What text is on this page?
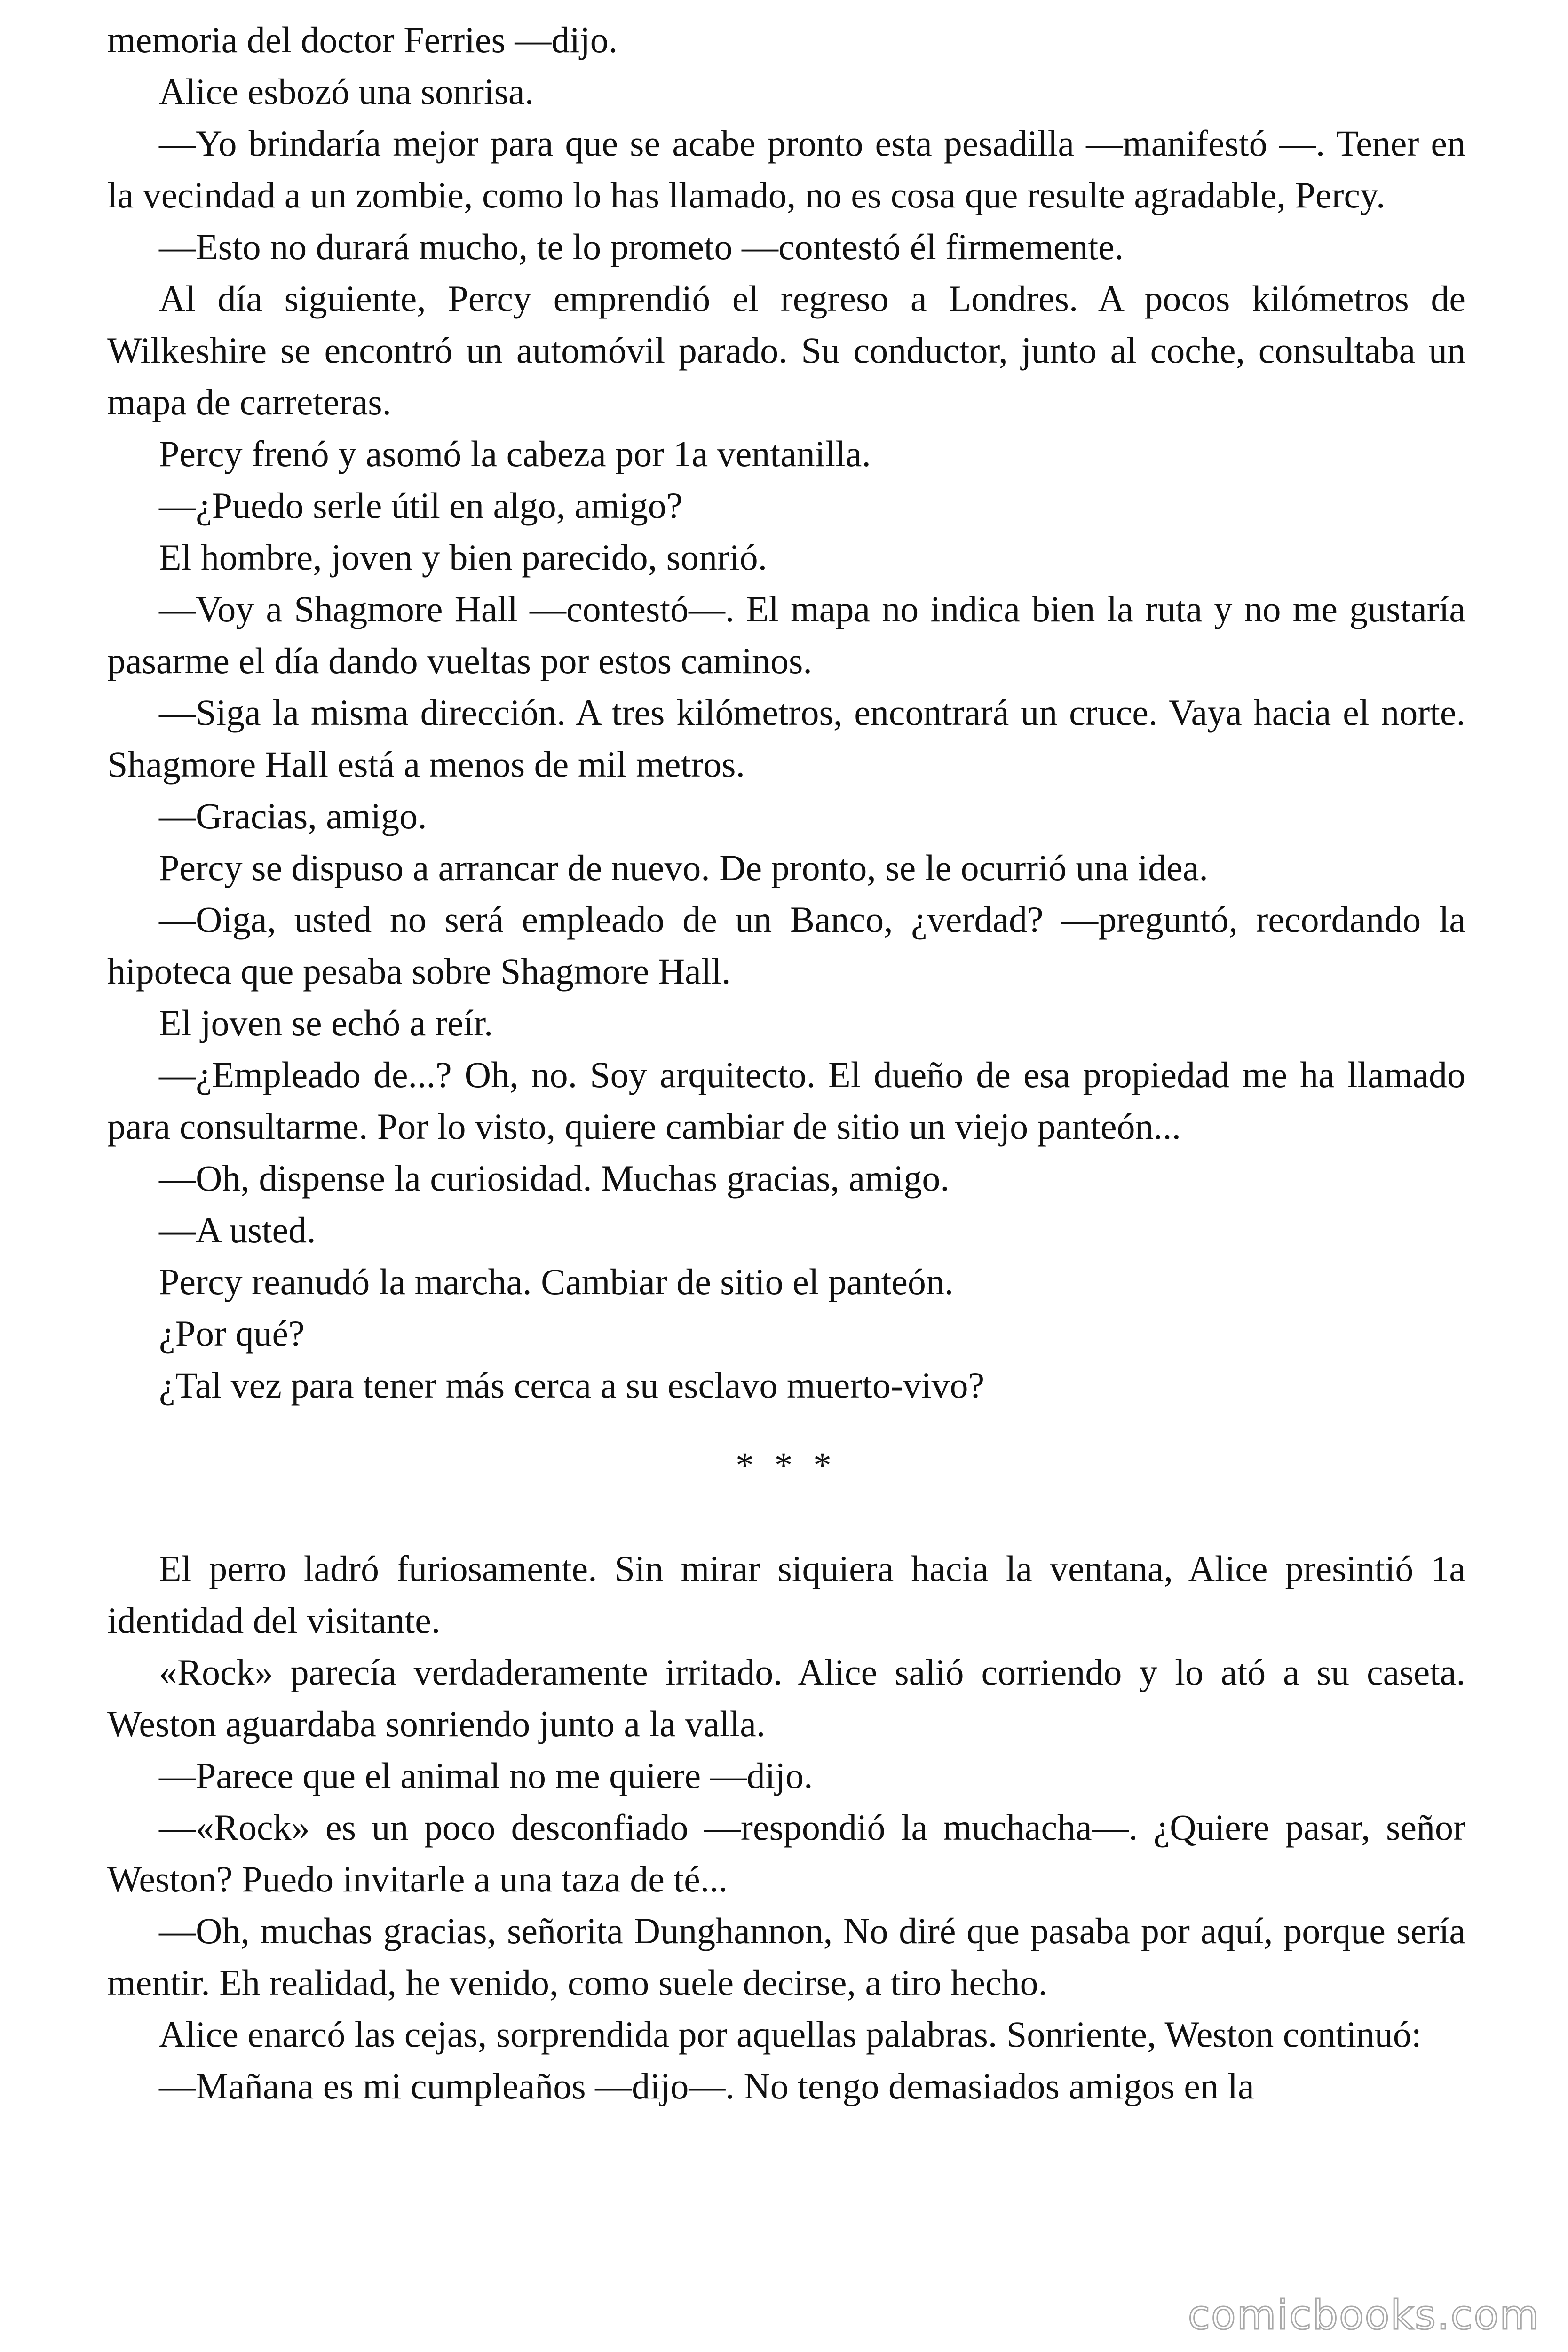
memoria del doctor Ferries —dijo.

Alice esbozó una sonrisa.

—Yo brindaría mejor para que se acabe pronto esta pesadilla —manifestó —. Tener en la vecindad a un zombie, como lo has llamado, no es cosa que resulte agradable, Percy.

—Esto no durará mucho, te lo prometo —contestó él firmemente.

Al día siguiente, Percy emprendió el regreso a Londres. A pocos kilómetros de Wilkeshire se encontró un automóvil parado. Su conductor, junto al coche, consultaba un mapa de carreteras.

Percy frenó y asomó la cabeza por 1a ventanilla.

—¿Puedo serle útil en algo, amigo?

El hombre, joven y bien parecido, sonrió.

—Voy a Shagmore Hall —contestó—. El mapa no indica bien la ruta y no me gustaría pasarme el día dando vueltas por estos caminos.

—Siga la misma dirección. A tres kilómetros, encontrará un cruce. Vaya hacia el norte. Shagmore Hall está a menos de mil metros.

—Gracias, amigo.

Percy se dispuso a arrancar de nuevo. De pronto, se le ocurrió una idea.

—Oiga, usted no será empleado de un Banco, ¿verdad? —preguntó, recordando la hipoteca que pesaba sobre Shagmore Hall.

El joven se echó a reír.

—¿Empleado de...? Oh, no. Soy arquitecto. El dueño de esa propiedad me ha llamado para consultarme. Por lo visto, quiere cambiar de sitio un viejo panteón...

—Oh, dispense la curiosidad. Muchas gracias, amigo.

—A usted.

Percy reanudó la marcha. Cambiar de sitio el panteón.

¿Por qué?

¿Tal vez para tener más cerca a su esclavo muerto-vivo?

* * *

El perro ladró furiosamente. Sin mirar siquiera hacia la ventana, Alice presintió 1a identidad del visitante.

«Rock» parecía verdaderamente irritado. Alice salió corriendo y lo ató a su caseta. Weston aguardaba sonriendo junto a la valla.

—Parece que el animal no me quiere —dijo.

—«Rock» es un poco desconfiado —respondió la muchacha—. ¿Quiere pasar, señor Weston? Puedo invitarle a una taza de té...

—Oh, muchas gracias, señorita Dunghannon, No diré que pasaba por aquí, porque sería mentir. Eh realidad, he venido, como suele decirse, a tiro hecho.

Alice enarcó las cejas, sorprendida por aquellas palabras. Sonriente, Weston continuó:

—Mañana es mi cumpleaños —dijo—. No tengo demasiados amigos en la

comicbooks.com
